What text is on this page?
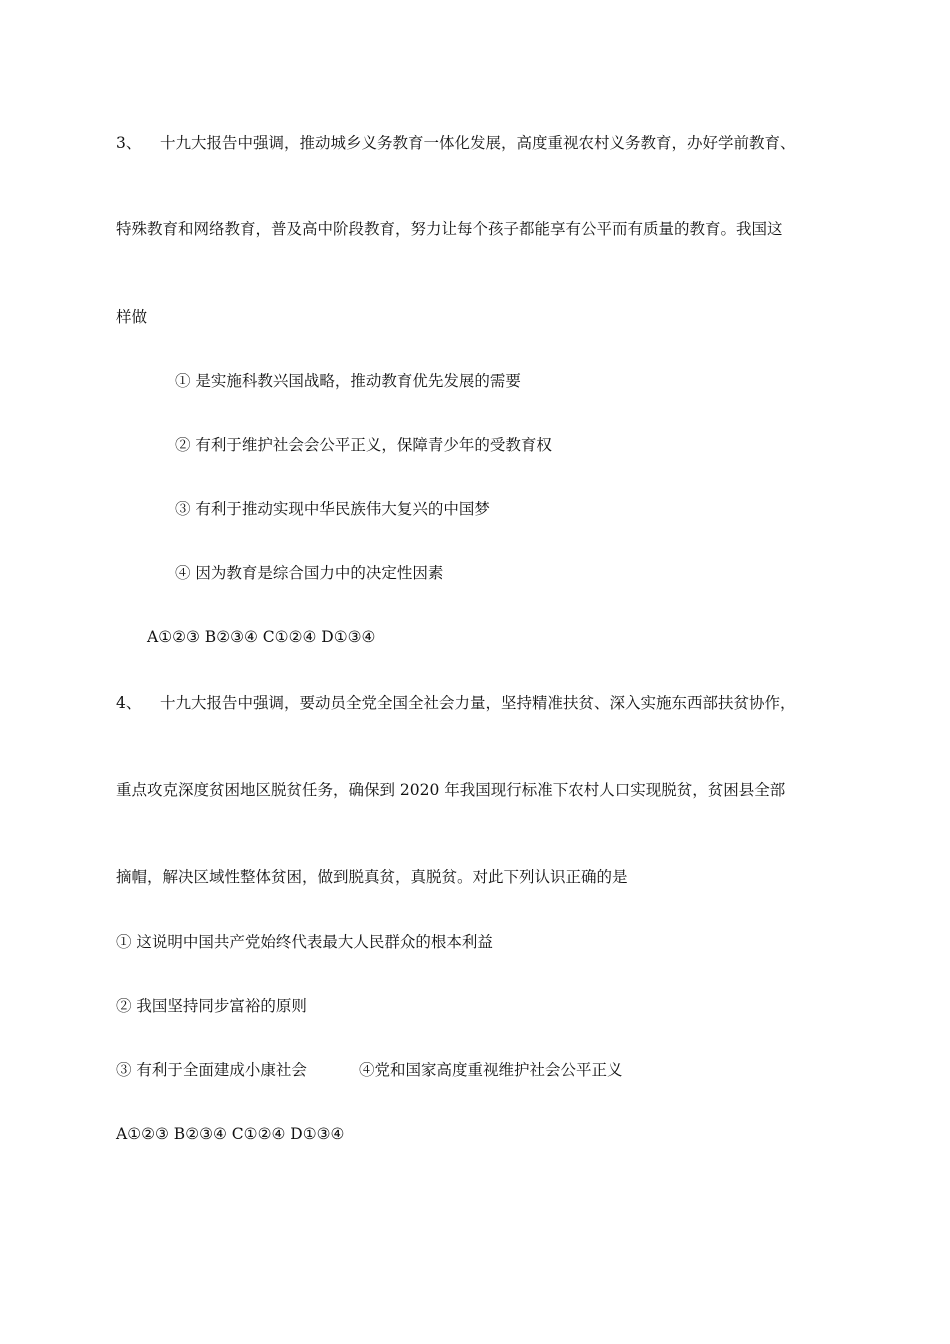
3、 十九大报告中强调，推动城乡义务教育一体化发展，高度重视农村义务教育，办好学前教育、
特殊教育和网络教育，普及高中阶段教育，努力让每个孩子都能享有公平而有质量的教育。我国这
样做
① 是实施科教兴国战略，推动教育优先发展的需要
② 有利于维护社会会公平正义，保障青少年的受教育权
③ 有利于推动实现中华民族伟大复兴的中国梦
④ 因为教育是综合国力中的决定性因素
A①②③ B②③④ C①②④ D①③④
4、 十九大报告中强调，要动员全党全国全社会力量，坚持精准扶贫、深入实施东西部扶贫协作，
重点攻克深度贫困地区脱贫任务，确保到 2020 年我国现行标准下农村人口实现脱贫，贫困县全部
摘帽，解决区域性整体贫困，做到脱真贫，真脱贫。对此下列认识正确的是
① 这说明中国共产党始终代表最大人民群众的根本利益
② 我国坚持同步富裕的原则
③ 有利于全面建成小康社会	④党和国家高度重视维护社会公平正义
A①②③ B②③④ C①②④ D①③④
